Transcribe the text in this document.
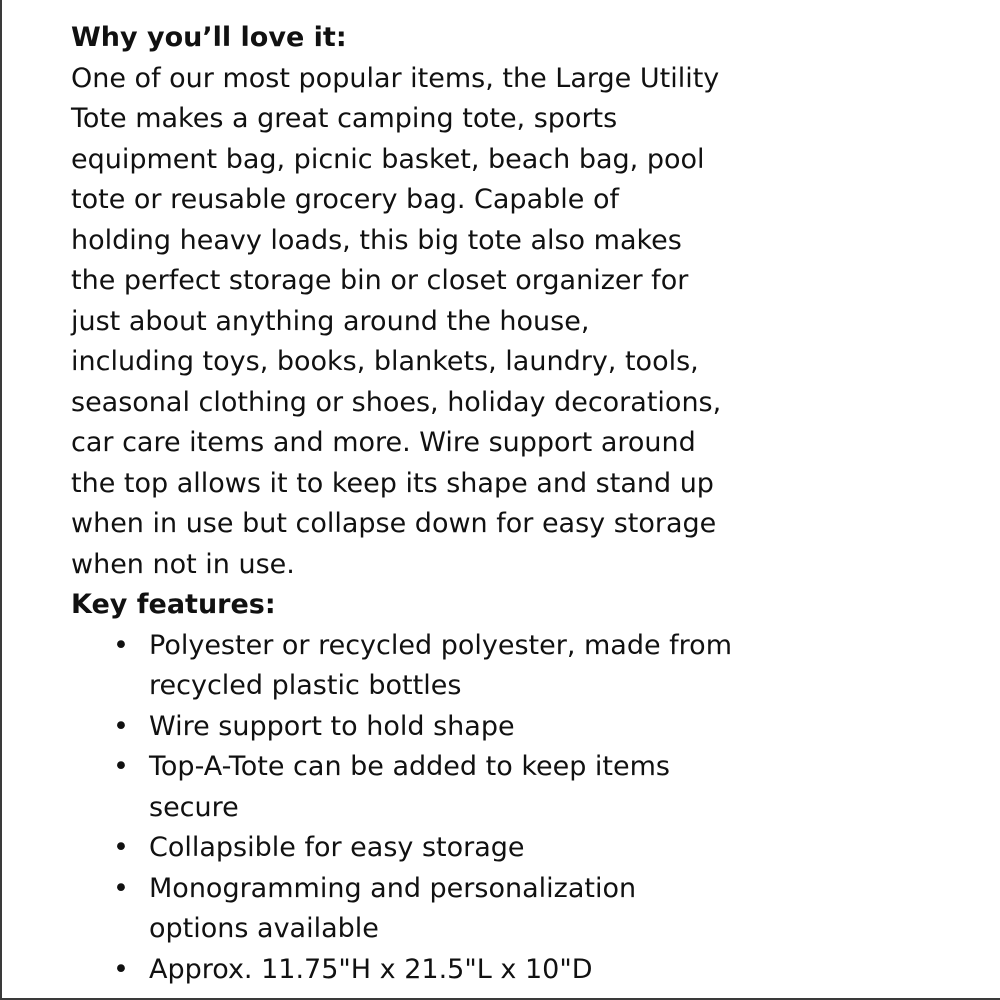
Why you’ll love it:

One of our most popular items, the Large Utility
Tote makes a great camping tote, sports
equipment bag, picnic basket, beach bag, pool
tote or reusable grocery bag. Capable of
holding heavy loads, this big tote also makes
the perfect storage bin or closet organizer for
just about anything around the house,
including toys, books, blankets, laundry, tools,
seasonal clothing or shoes, holiday decorations,
car care items and more. Wire support around
the top allows it to keep its shape and stand up
when in use but collapse down for easy storage
when not in use.

Key features:
• Polyester or recycled polyester, made from
recycled plastic bottles
• Wire support to hold shape
• Top-A-Tote can be added to keep items
secure
• Collapsible for easy storage
• Monogramming and personalization
options available
• Approx. 11.75"H x 21.5"L x 10"D
